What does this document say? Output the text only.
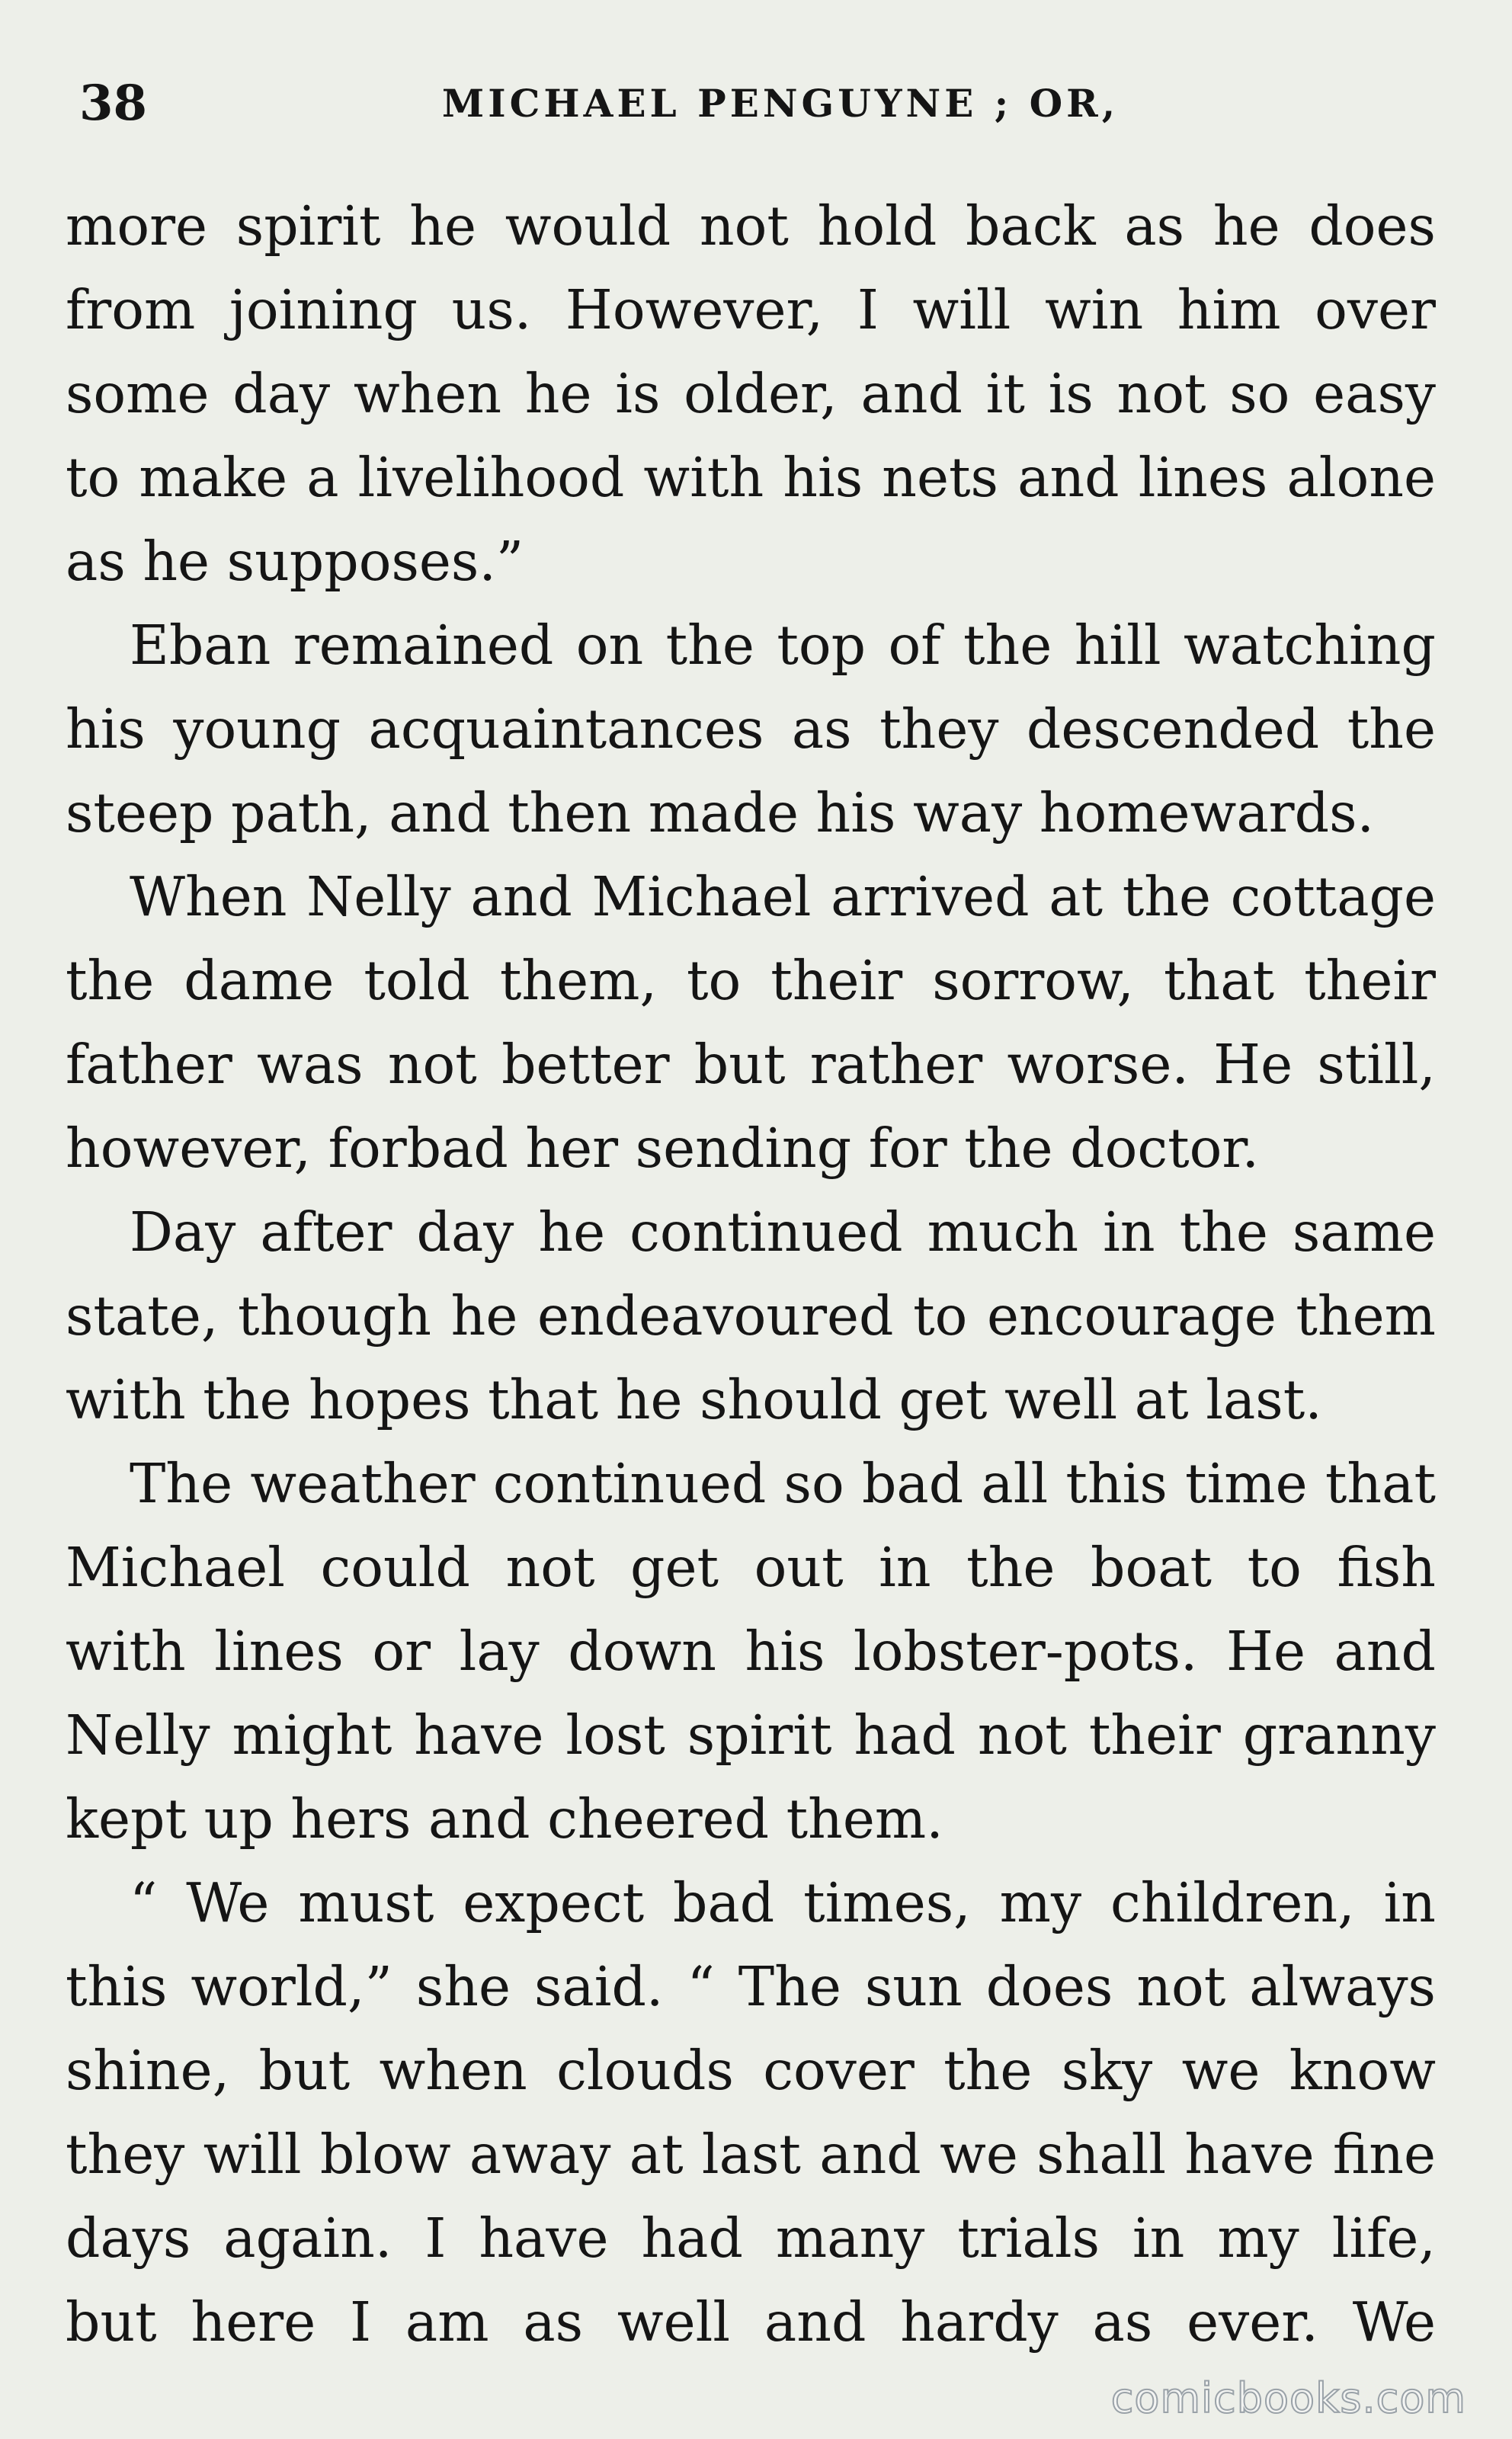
38	MICHAEL PENGUYNE ; OR,
more spirit he would not hold back as he does
from joining us. However, I will win him over
some day when he is older, and it is not so easy
to make a livelihood with his nets and lines alone
as he supposes.”
Eban remained on the top of the hill watching
his young acquaintances as they descended the
steep path, and then made his way homewards.
When Nelly and Michael arrived at the cottage
the dame told them, to their sorrow, that their
father was not better but rather worse. He still,
however, forbad her sending for the doctor.
Day after day he continued much in the same
state, though he endeavoured to encourage them
with the hopes that he should get well at last.
The weather continued so bad all this time that
Michael could not get out in the boat to fish
with lines or lay down his lobster-pots. He and
Nelly might have lost spirit had not their granny
kept up hers and cheered them.
“ We must expect bad times, my children, in
this world,” she said. “ The sun does not always
shine, but when clouds cover the sky we know
they will blow away at last and we shall have fine
days again. I have had many trials in my life,
but here I am as well and hardy as ever. We
comicbooks.com
